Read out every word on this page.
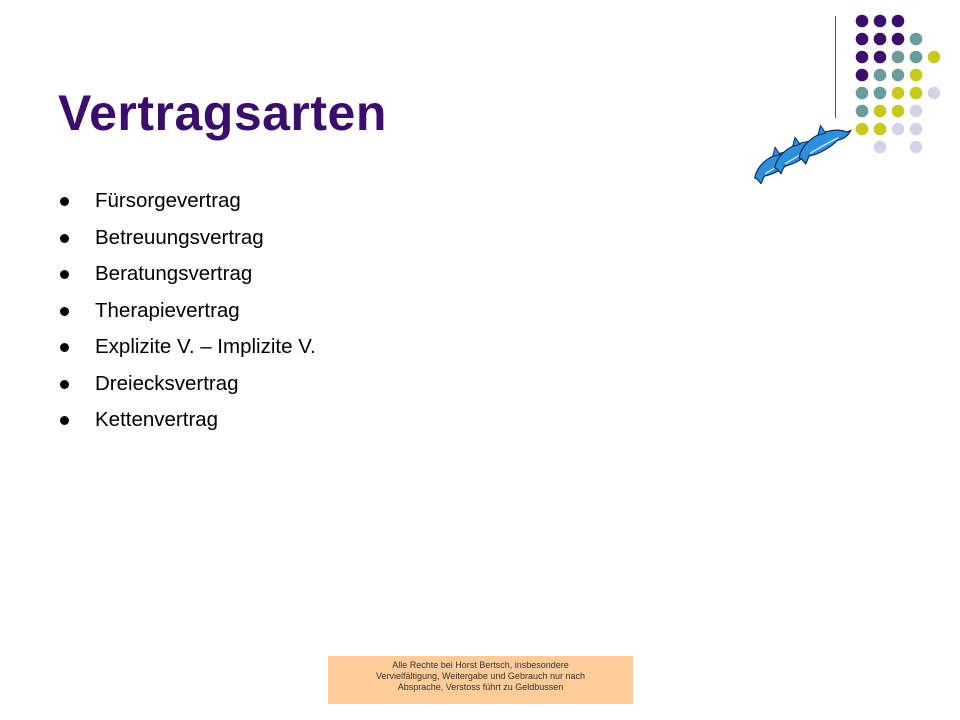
Vertragsarten
Fürsorgevertrag
Betreuungsvertrag
Beratungsvertrag
Therapievertrag
Explizite V. – Implizite V.
Dreiecksvertrag
Kettenvertrag
Alle Rechte bei Horst Bertsch, insbesondere
Vervielfältigung, Weitergabe und Gebrauch nur nach
Absprache, Verstoss führt zu Geldbussen
